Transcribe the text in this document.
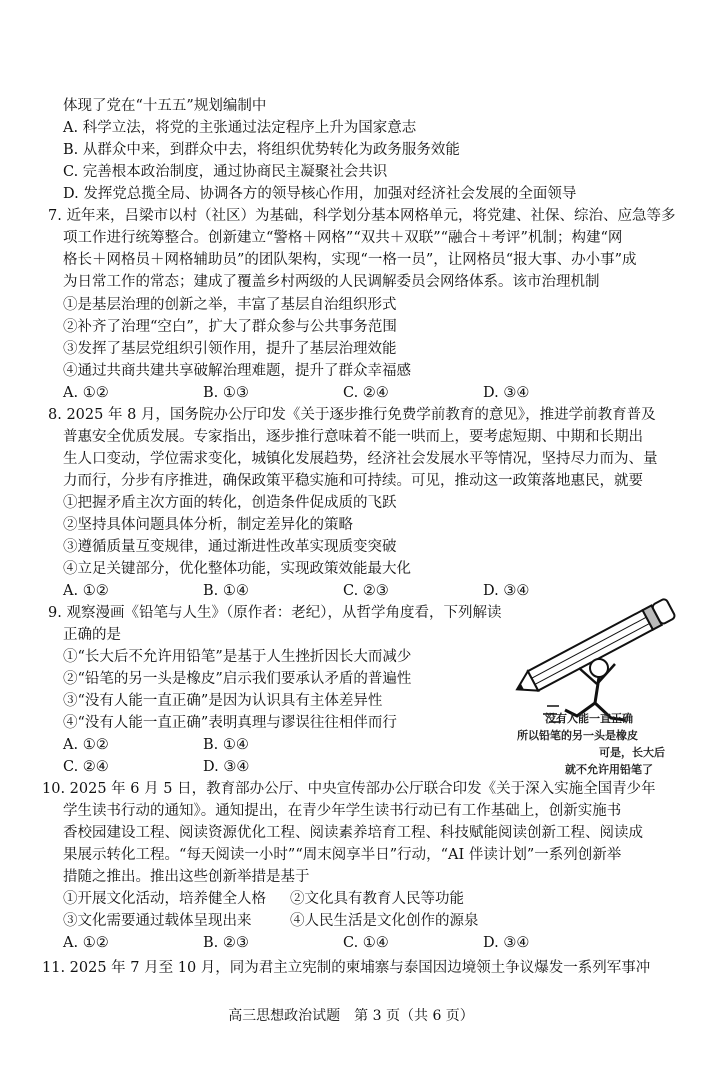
体现了党在“十五五”规划编制中
A. 科学立法，将党的主张通过法定程序上升为国家意志
B. 从群众中来，到群众中去，将组织优势转化为政务服务效能
C. 完善根本政治制度，通过协商民主凝聚社会共识
D. 发挥党总揽全局、协调各方的领导核心作用，加强对经济社会发展的全面领导
7. 近年来，吕梁市以村（社区）为基础，科学划分基本网格单元，将党建、社保、综治、应急等多
项工作进行统筹整合。创新建立“警格＋网格”“双共＋双联”“融合＋考评”机制；构建“网
格长＋网格员＋网格辅助员”的团队架构，实现“一格一员”，让网格员“报大事、办小事”成
为日常工作的常态；建成了覆盖乡村两级的人民调解委员会网络体系。该市治理机制
①是基层治理的创新之举，丰富了基层自治组织形式
②补齐了治理“空白”，扩大了群众参与公共事务范围
③发挥了基层党组织引领作用，提升了基层治理效能
④通过共商共建共享破解治理难题，提升了群众幸福感
A. ①②	B. ①③	C. ②④	D. ③④
8. 2025 年 8 月，国务院办公厅印发《关于逐步推行免费学前教育的意见》，推进学前教育普及
普惠安全优质发展。专家指出，逐步推行意味着不能一哄而上，要考虑短期、中期和长期出
生人口变动，学位需求变化，城镇化发展趋势，经济社会发展水平等情况，坚持尽力而为、量
力而行，分步有序推进，确保政策平稳实施和可持续。可见，推动这一政策落地惠民，就要
①把握矛盾主次方面的转化，创造条件促成质的飞跃
②坚持具体问题具体分析，制定差异化的策略
③遵循质量互变规律，通过渐进性改革实现质变突破
④立足关键部分，优化整体功能，实现政策效能最大化
A. ①②	B. ①④	C. ②③	D. ③④
9. 观察漫画《铅笔与人生》（原作者：老纪），从哲学角度看，下列解读
正确的是
①“长大后不允许用铅笔”是基于人生挫折因长大而减少
②“铅笔的另一头是橡皮”启示我们要承认矛盾的普遍性
③“没有人能一直正确”是因为认识具有主体差异性
④“没有人能一直正确”表明真理与谬误往往相伴而行
A. ①②	B. ①④
C. ②④	D. ③④
没有人能一直正确
所以铅笔的另一头是橡皮
可是，长大后
就不允许用铅笔了
10. 2025 年 6 月 5 日，教育部办公厅、中央宣传部办公厅联合印发《关于深入实施全国青少年
学生读书行动的通知》。通知提出，在青少年学生读书行动已有工作基础上，创新实施书
香校园建设工程、阅读资源优化工程、阅读素养培育工程、科技赋能阅读创新工程、阅读成
果展示转化工程。“每天阅读一小时”“周末阅享半日”行动，“AI 伴读计划”一系列创新举
措随之推出。推出这些创新举措是基于
①开展文化活动，培养健全人格 ②文化具有教育人民等功能
③文化需要通过载体呈现出来	④人民生活是文化创作的源泉
A. ①②	B. ②③	C. ①④	D. ③④
11. 2025 年 7 月至 10 月，同为君主立宪制的柬埔寨与泰国因边境领土争议爆发一系列军事冲
高三思想政治试题　第 3 页（共 6 页）
